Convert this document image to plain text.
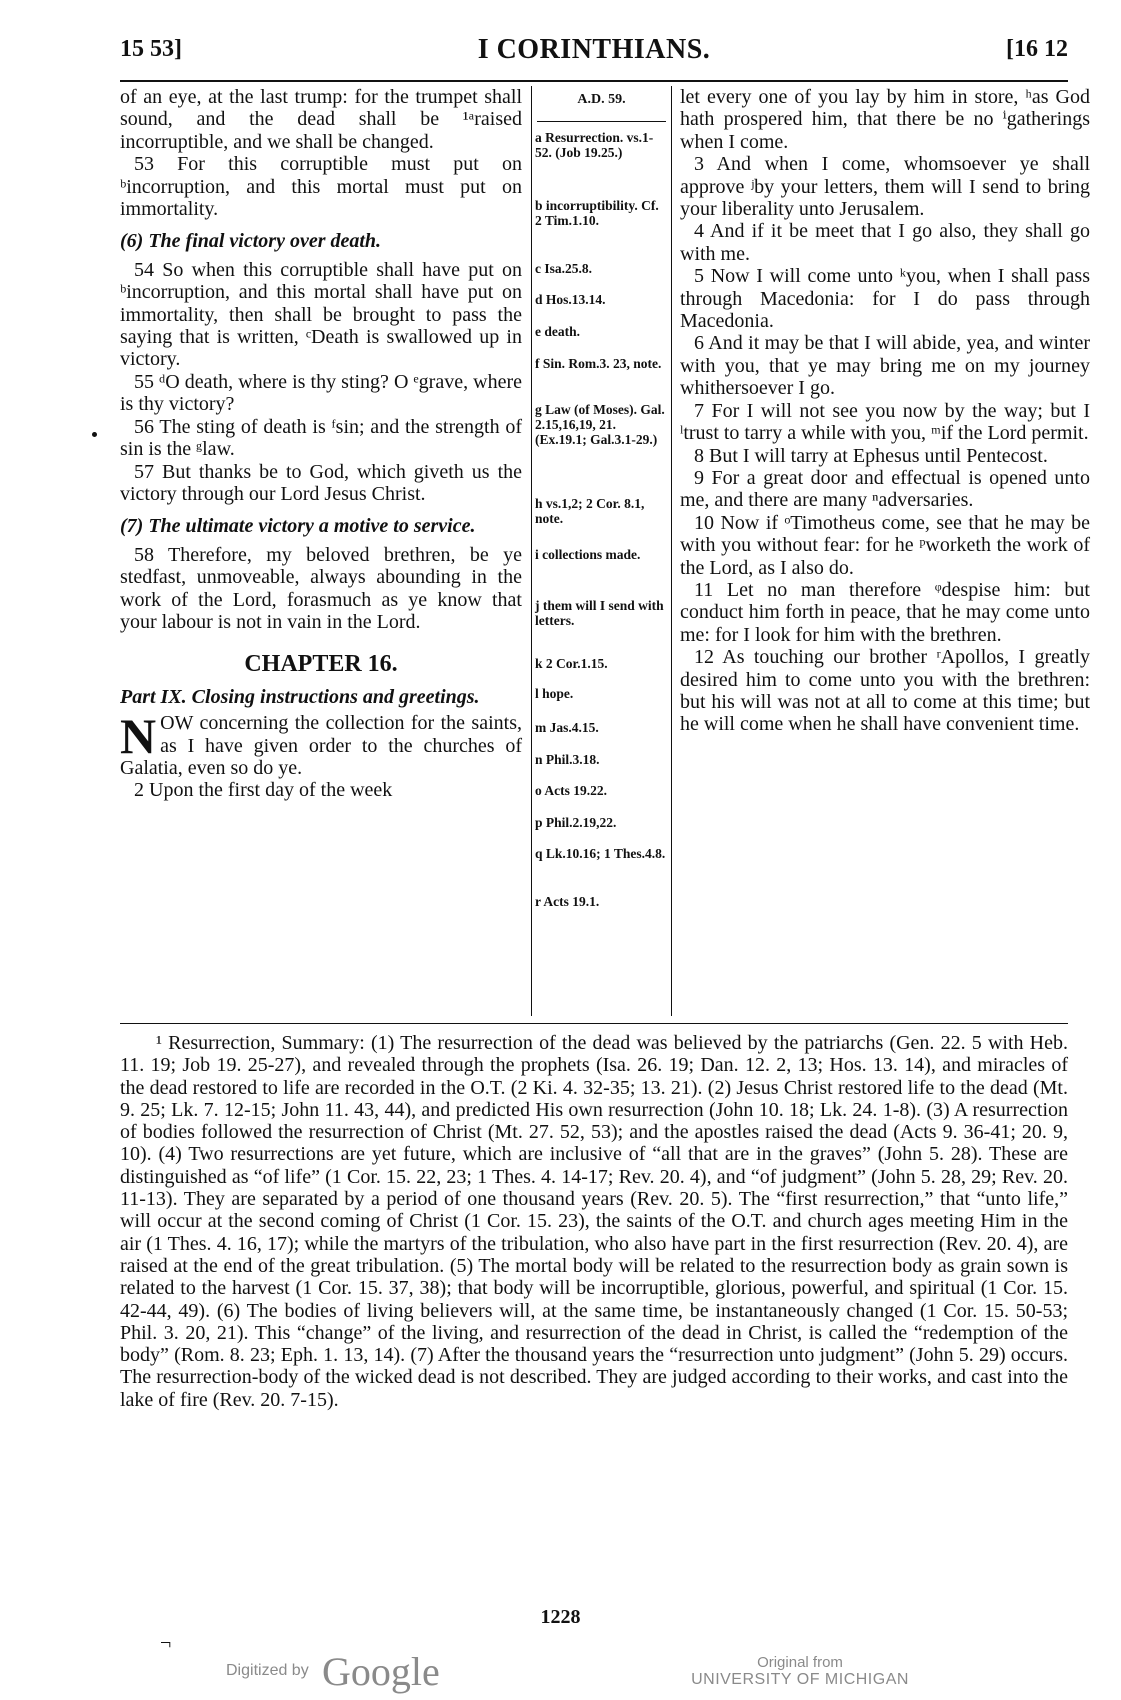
15 53]	I CORINTHIANS.	[16 12

of an eye, at the last trump: for the trumpet shall sound, and the dead shall be ¹ᵃraised incorruptible, and we shall be changed.

53 For this corruptible must put on ᵇincorruption, and this mortal must put on immortality.

(6) The final victory over death.

54 So when this corruptible shall have put on ᵇincorruption, and this mortal shall have put on immortality, then shall be brought to pass the saying that is written, ᶜDeath is swallowed up in victory.

55 ᵈO death, where is thy sting? O ᵉgrave, where is thy victory?

56 The sting of death is ᶠsin; and the strength of sin is the ᵍlaw.

57 But thanks be to God, which giveth us the victory through our Lord Jesus Christ.

(7) The ultimate victory a motive to service.

58 Therefore, my beloved brethren, be ye stedfast, unmoveable, always abounding in the work of the Lord, forasmuch as ye know that your labour is not in vain in the Lord.

CHAPTER 16.

Part IX. Closing instructions and greetings.

NOW concerning the collection for the saints, as I have given order to the churches of Galatia, even so do ye.

2 Upon the first day of the week

A.D. 59.
a Resurrection. vs.1-52. (Job 19.25.)
b incorruptibility. Cf. 2 Tim.1.10.
c Isa.25.8.
d Hos.13.14.
e death.
f Sin. Rom.3. 23, note.
g Law (of Moses). Gal. 2.15,16,19, 21. (Ex.19.1; Gal.3.1-29.)
h vs.1,2; 2 Cor. 8.1, note.
i collections made.
j them will I send with letters.
k 2 Cor.1.15.
l hope.
m Jas.4.15.
n Phil.3.18.
o Acts 19.22.
p Phil.2.19,22.
q Lk.10.16; 1 Thes.4.8.
r Acts 19.1.

let every one of you lay by him in store, ʰas God hath prospered him, that there be no ⁱgatherings when I come.

3 And when I come, whomsoever ye shall approve ʲby your letters, them will I send to bring your liberality unto Jerusalem.

4 And if it be meet that I go also, they shall go with me.

5 Now I will come unto ᵏyou, when I shall pass through Macedonia: for I do pass through Macedonia.

6 And it may be that I will abide, yea, and winter with you, that ye may bring me on my journey whithersoever I go.

7 For I will not see you now by the way; but I ˡtrust to tarry a while with you, ᵐif the Lord permit.

8 But I will tarry at Ephesus until Pentecost.

9 For a great door and effectual is opened unto me, and there are many ⁿadversaries.

10 Now if ᵒTimotheus come, see that he may be with you without fear: for he ᵖworketh the work of the Lord, as I also do.

11 Let no man therefore ᵠdespise him: but conduct him forth in peace, that he may come unto me: for I look for him with the brethren.

12 As touching our brother ʳApollos, I greatly desired him to come unto you with the brethren: but his will was not at all to come at this time; but he will come when he shall have convenient time.

¹ Resurrection, Summary: (1) The resurrection of the dead was believed by the patriarchs (Gen. 22. 5 with Heb. 11. 19; Job 19. 25-27), and revealed through the prophets (Isa. 26. 19; Dan. 12. 2, 13; Hos. 13. 14), and miracles of the dead restored to life are recorded in the O.T. (2 Ki. 4. 32-35; 13. 21). (2) Jesus Christ restored life to the dead (Mt. 9. 25; Lk. 7. 12-15; John 11. 43, 44), and predicted His own resurrection (John 10. 18; Lk. 24. 1-8). (3) A resurrection of bodies followed the resurrection of Christ (Mt. 27. 52, 53); and the apostles raised the dead (Acts 9. 36-41; 20. 9, 10). (4) Two resurrections are yet future, which are inclusive of “all that are in the graves” (John 5. 28). These are distinguished as “of life” (1 Cor. 15. 22, 23; 1 Thes. 4. 14-17; Rev. 20. 4), and “of judgment” (John 5. 28, 29; Rev. 20. 11-13). They are separated by a period of one thousand years (Rev. 20. 5). The “first resurrection,” that “unto life,” will occur at the second coming of Christ (1 Cor. 15. 23), the saints of the O.T. and church ages meeting Him in the air (1 Thes. 4. 16, 17); while the martyrs of the tribulation, who also have part in the first resurrection (Rev. 20. 4), are raised at the end of the great tribulation. (5) The mortal body will be related to the resurrection body as grain sown is related to the harvest (1 Cor. 15. 37, 38); that body will be incorruptible, glorious, powerful, and spiritual (1 Cor. 15. 42-44, 49). (6) The bodies of living believers will, at the same time, be instantaneously changed (1 Cor. 15. 50-53; Phil. 3. 20, 21). This “change” of the living, and resurrection of the dead in Christ, is called the “redemption of the body” (Rom. 8. 23; Eph. 1. 13, 14). (7) After the thousand years the “resurrection unto judgment” (John 5. 29) occurs. The resurrection-body of the wicked dead is not described. They are judged according to their works, and cast into the lake of fire (Rev. 20. 7-15).

1228
¬
Digitized by Google	Original from
UNIVERSITY OF MICHIGAN
